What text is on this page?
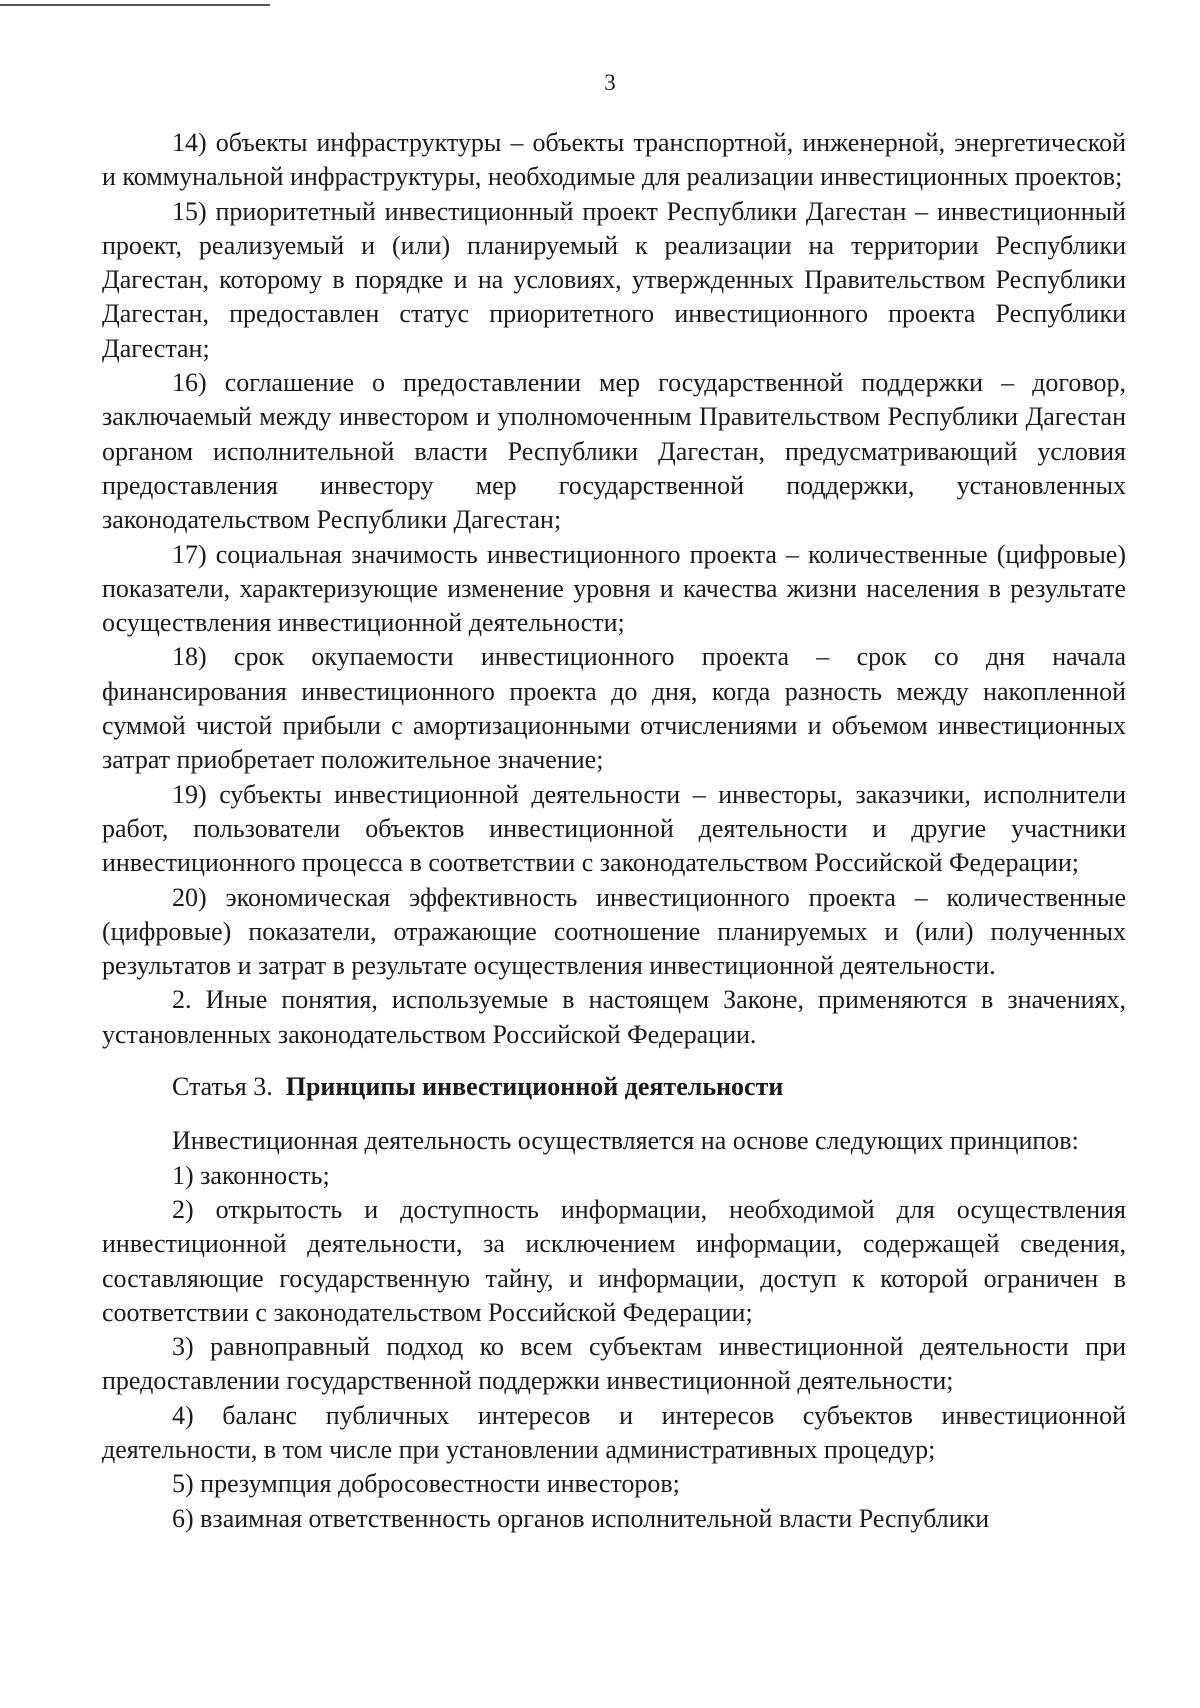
3

14) объекты инфраструктуры – объекты транспортной, инженерной, энергетической и коммунальной инфраструктуры, необходимые для реализации инвестиционных проектов;

15) приоритетный инвестиционный проект Республики Дагестан – инвестиционный проект, реализуемый и (или) планируемый к реализации на территории Республики Дагестан, которому в порядке и на условиях, утвержденных Правительством Республики Дагестан, предоставлен статус приоритетного инвестиционного проекта Республики Дагестан;

16) соглашение о предоставлении мер государственной поддержки – договор, заключаемый между инвестором и уполномоченным Правительством Республики Дагестан органом исполнительной власти Республики Дагестан, предусматривающий условия предоставления инвестору мер государственной поддержки, установленных законодательством Республики Дагестан;

17) социальная значимость инвестиционного проекта – количественные (цифровые) показатели, характеризующие изменение уровня и качества жизни населения в результате осуществления инвестиционной деятельности;

18) срок окупаемости инвестиционного проекта – срок со дня начала финансирования инвестиционного проекта до дня, когда разность между накопленной суммой чистой прибыли с амортизационными отчислениями и объемом инвестиционных затрат приобретает положительное значение;

19) субъекты инвестиционной деятельности – инвесторы, заказчики, исполнители работ, пользователи объектов инвестиционной деятельности и другие участники инвестиционного процесса в соответствии с законодательством Российской Федерации;

20) экономическая эффективность инвестиционного проекта – количественные (цифровые) показатели, отражающие соотношение планируемых и (или) полученных результатов и затрат в результате осуществления инвестиционной деятельности.

2. Иные понятия, используемые в настоящем Законе, применяются в значениях, установленных законодательством Российской Федерации.

Статья 3. Принципы инвестиционной деятельности

Инвестиционная деятельность осуществляется на основе следующих принципов:

1) законность;

2) открытость и доступность информации, необходимой для осуществления инвестиционной деятельности, за исключением информации, содержащей сведения, составляющие государственную тайну, и информации, доступ к которой ограничен в соответствии с законодательством Российской Федерации;

3) равноправный подход ко всем субъектам инвестиционной деятельности при предоставлении государственной поддержки инвестиционной деятельности;

4) баланс публичных интересов и интересов субъектов инвестиционной деятельности, в том числе при установлении административных процедур;

5) презумпция добросовестности инвесторов;

6) взаимная ответственность органов исполнительной власти Республики
